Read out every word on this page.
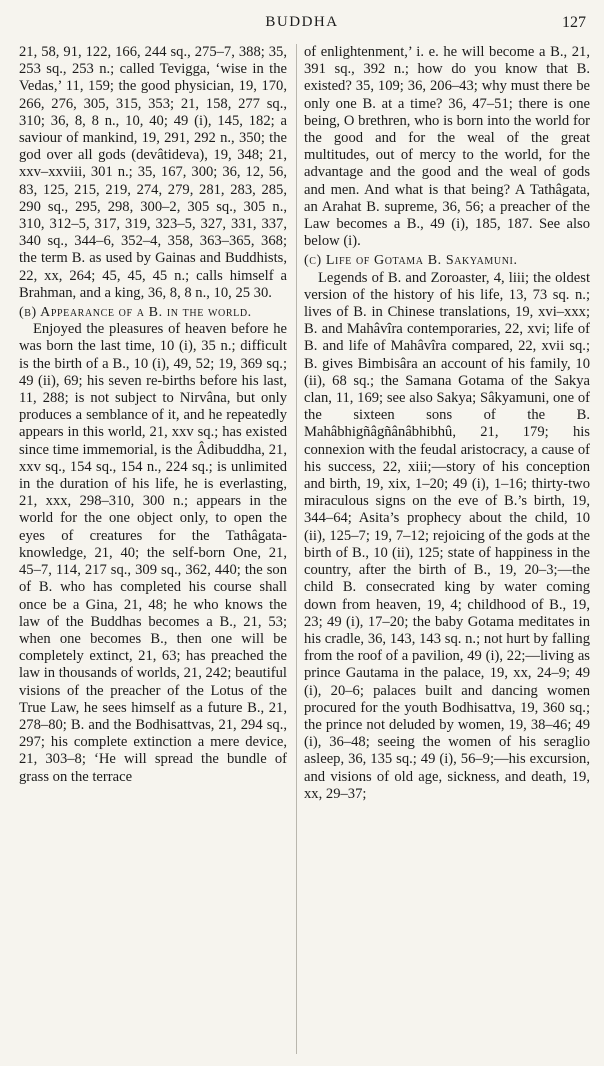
BUDDHA	127

21, 58, 91, 122, 166, 244 sq., 275–7, 388; 35, 253 sq., 253 n.; called Tevigga, ‘wise in the Vedas,’ 11, 159; the good physician, 19, 170, 266, 276, 305, 315, 353; 21, 158, 277 sq., 310; 36, 8, 8 n., 10, 40; 49 (i), 145, 182; a saviour of mankind, 19, 291, 292 n., 350; the god over all gods (devâtideva), 19, 348; 21, xxv–xxviii, 301 n.; 35, 167, 300; 36, 12, 56, 83, 125, 215, 219, 274, 279, 281, 283, 285, 290 sq., 295, 298, 300–2, 305 sq., 305 n., 310, 312–5, 317, 319, 323–5, 327, 331, 337, 340 sq., 344–6, 352–4, 358, 363–365, 368; the term B. as used by Gainas and Buddhists, 22, xx, 264; 45, 45, 45 n.; calls himself a Brahman, and a king, 36, 8, 8 n., 10, 25 30.

(b) Appearance of a B. in the world.

Enjoyed the pleasures of heaven before he was born the last time, 10 (i), 35 n.; difficult is the birth of a B., 10 (i), 49, 52; 19, 369 sq.; 49 (ii), 69; his seven re-births before his last, 11, 288; is not subject to Nirvâna, but only produces a semblance of it, and he repeatedly appears in this world, 21, xxv sq.; has existed since time immemorial, is the Âdibuddha, 21, xxv sq., 154 sq., 154 n., 224 sq.; is unlimited in the duration of his life, he is everlasting, 21, xxx, 298–310, 300 n.; appears in the world for the one object only, to open the eyes of creatures for the Tathâgata-knowledge, 21, 40; the self-born One, 21, 45–7, 114, 217 sq., 309 sq., 362, 440; the son of B. who has completed his course shall once be a Gina, 21, 48; he who knows the law of the Buddhas becomes a B., 21, 53; when one becomes B., then one will be completely extinct, 21, 63; has preached the law in thousands of worlds, 21, 242; beautiful visions of the preacher of the Lotus of the True Law, he sees himself as a future B., 21, 278–80; B. and the Bodhisattvas, 21, 294 sq., 297; his complete extinction a mere device, 21, 303–8; ‘He will spread the bundle of grass on the terrace

of enlightenment,’ i. e. he will become a B., 21, 391 sq., 392 n.; how do you know that B. existed? 35, 109; 36, 206–43; why must there be only one B. at a time? 36, 47–51; there is one being, O brethren, who is born into the world for the good and for the weal of the great multitudes, out of mercy to the world, for the advantage and the good and the weal of gods and men. And what is that being? A Tathâgata, an Arahat B. supreme, 36, 56; a preacher of the Law becomes a B., 49 (i), 185, 187. See also below (i).

(c) Life of Gotama B. Sakyamuni.

Legends of B. and Zoroaster, 4, liii; the oldest version of the history of his life, 13, 73 sq. n.; lives of B. in Chinese translations, 19, xvi–xxx; B. and Mahâvîra contemporaries, 22, xvi; life of B. and life of Mahâvîra compared, 22, xvii sq.; B. gives Bimbisâra an account of his family, 10 (ii), 68 sq.; the Samana Gotama of the Sakya clan, 11, 169; see also Sakya; Sâkyamuni, one of the sixteen sons of the B. Mahâbhigñâgñânâbhibhû, 21, 179; his connexion with the feudal aristocracy, a cause of his success, 22, xiii;—story of his conception and birth, 19, xix, 1–20; 49 (i), 1–16; thirty-two miraculous signs on the eve of B.’s birth, 19, 344–64; Asita’s prophecy about the child, 10 (ii), 125–7; 19, 7–12; rejoicing of the gods at the birth of B., 10 (ii), 125; state of happiness in the country, after the birth of B., 19, 20–3;—the child B. consecrated king by water coming down from heaven, 19, 4; childhood of B., 19, 23; 49 (i), 17–20; the baby Gotama meditates in his cradle, 36, 143, 143 sq. n.; not hurt by falling from the roof of a pavilion, 49 (i), 22;—living as prince Gautama in the palace, 19, xx, 24–9; 49 (i), 20–6; palaces built and dancing women procured for the youth Bodhisattva, 19, 360 sq.; the prince not deluded by women, 19, 38–46; 49 (i), 36–48; seeing the women of his seraglio asleep, 36, 135 sq.; 49 (i), 56–9;—his excursion, and visions of old age, sickness, and death, 19, xx, 29–37;
